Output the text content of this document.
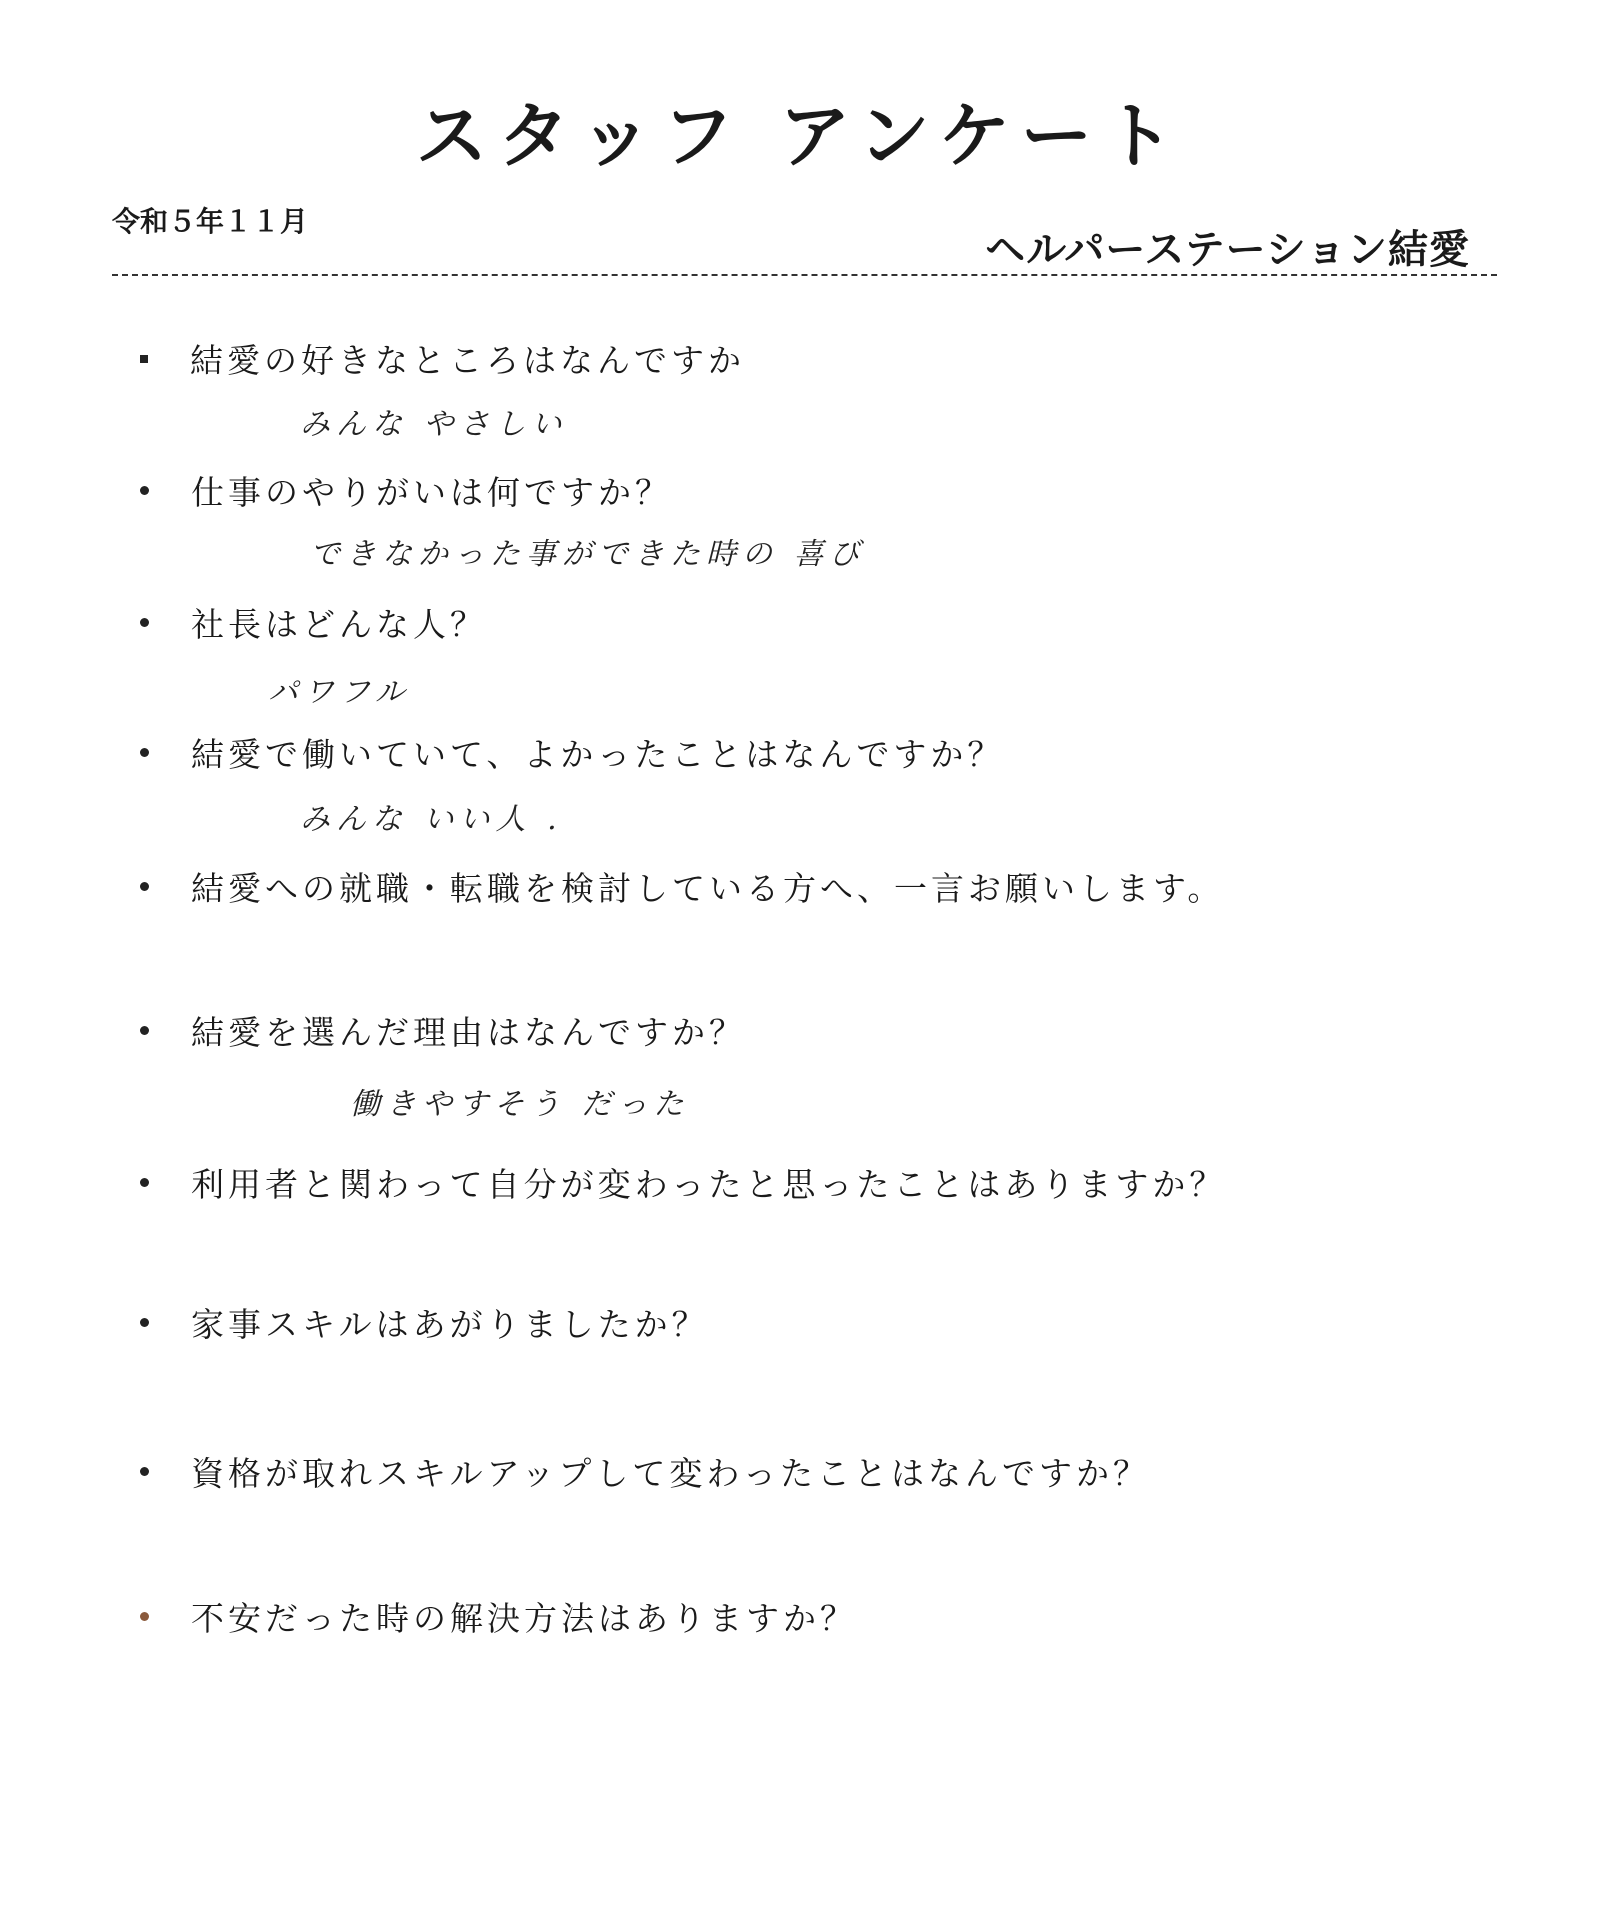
スタッフ アンケート
令和５年１１月
ヘルパーステーション結愛
結愛の好きなところはなんですか
みんな やさしい
仕事のやりがいは何ですか？
できなかった事ができた時の 喜び
社長はどんな人？
パワフル
結愛で働いていて、よかったことはなんですか？
みんな いい人 .
結愛への就職・転職を検討している方へ、一言お願いします。
結愛を選んだ理由はなんですか？
働きやすそう だった
利用者と関わって自分が変わったと思ったことはありますか？
家事スキルはあがりましたか？
資格が取れスキルアップして変わったことはなんですか？
不安だった時の解決方法はありますか？
